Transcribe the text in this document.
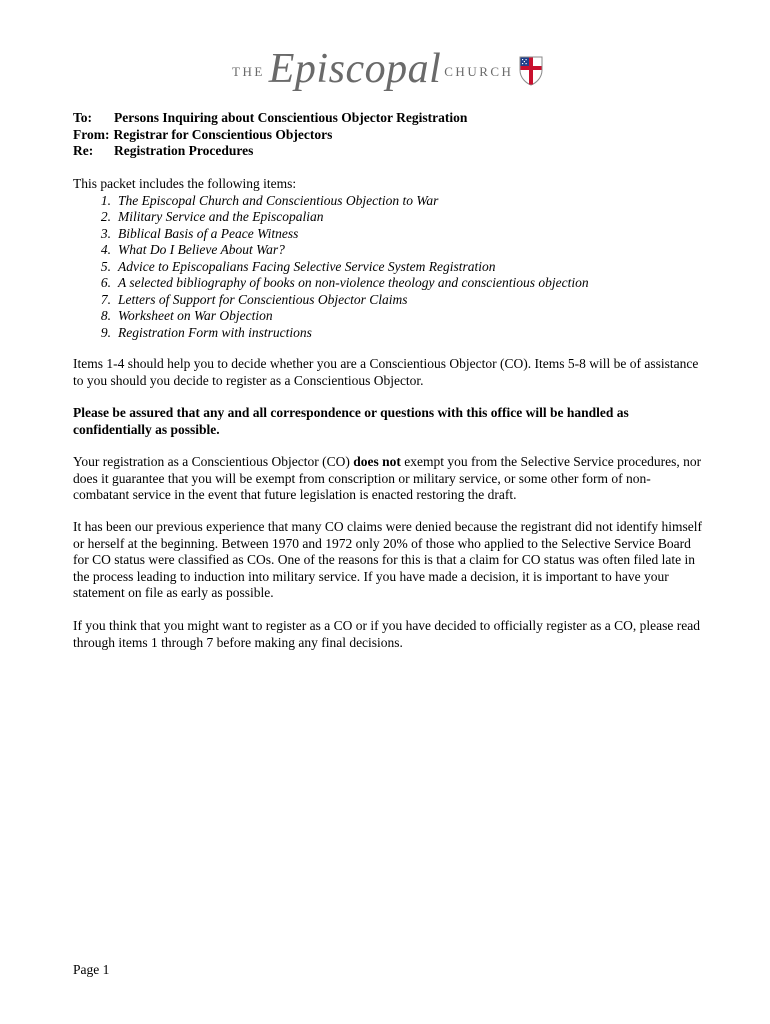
THE Episcopal CHURCH
To:	Persons Inquiring about Conscientious Objector Registration
From: Registrar for Conscientious Objectors
Re:	Registration Procedures

This packet includes the following items:

1. The Episcopal Church and Conscientious Objection to War
2. Military Service and the Episcopalian
3. Biblical Basis of a Peace Witness
4. What Do I Believe About War?
5. Advice to Episcopalians Facing Selective Service System Registration
6. A selected bibliography of books on non-violence theology and conscientious objection
7. Letters of Support for Conscientious Objector Claims
8. Worksheet on War Objection
9. Registration Form with instructions

Items 1-4 should help you to decide whether you are a Conscientious Objector (CO). Items 5-8 will be of assistance to you should you decide to register as a Conscientious Objector.

Please be assured that any and all correspondence or questions with this office will be handled as confidentially as possible.

Your registration as a Conscientious Objector (CO) does not exempt you from the Selective Service procedures, nor does it guarantee that you will be exempt from conscription or military service, or some other form of non-combatant service in the event that future legislation is enacted restoring the draft.

It has been our previous experience that many CO claims were denied because the registrant did not identify himself or herself at the beginning. Between 1970 and 1972 only 20% of those who applied to the Selective Service Board for CO status were classified as COs. One of the reasons for this is that a claim for CO status was often filed late in the process leading to induction into military service. If you have made a decision, it is important to have your statement on file as early as possible.

If you think that you might want to register as a CO or if you have decided to officially register as a CO, please read through items 1 through 7 before making any final decisions.

Page 1
